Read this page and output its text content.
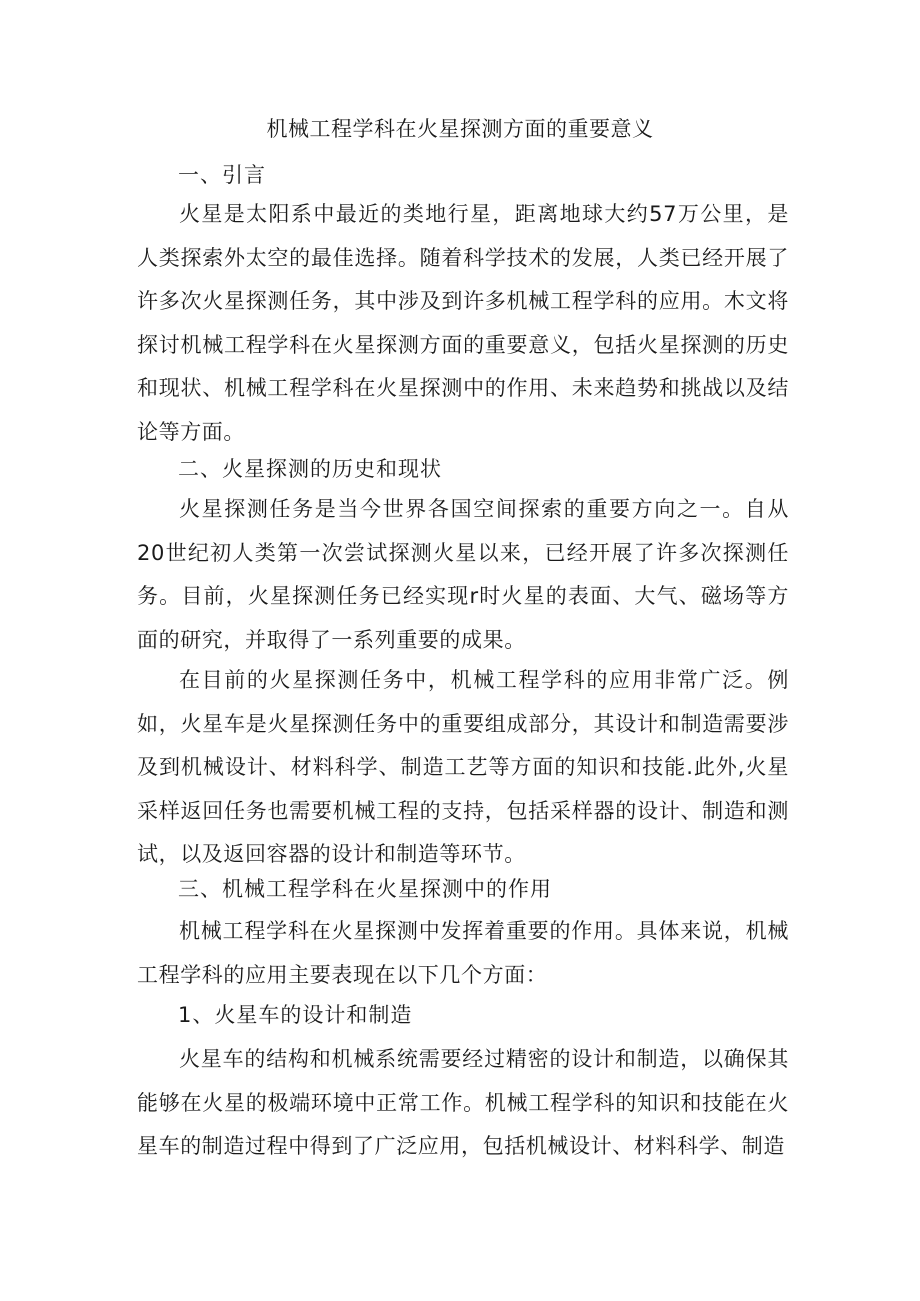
机械工程学科在火星探测方面的重要意义
一、引言

火星是太阳系中最近的类地行星，距离地球大约57万公里，是人类探索外太空的最佳选择。随着科学技术的发展，人类已经开展了许多次火星探测任务，其中涉及到许多机械工程学科的应用。木文将探讨机械工程学科在火星探测方面的重要意义，包括火星探测的历史和现状、机械工程学科在火星探测中的作用、未来趋势和挑战以及结论等方面。

二、火星探测的历史和现状

火星探测任务是当今世界各国空间探索的重要方向之一。自从20世纪初人类第一次尝试探测火星以来，已经开展了许多次探测任务。目前，火星探测任务已经实现r时火星的表面、大气、磁场等方面的研究，并取得了一系列重要的成果。

在目前的火星探测任务中，机械工程学科的应用非常广泛。例如，火星车是火星探测任务中的重要组成部分，其设计和制造需要涉及到机械设计、材料科学、制造工艺等方面的知识和技能.此外,火星采样返回任务也需要机械工程的支持，包括采样器的设计、制造和测试，以及返回容器的设计和制造等环节。

三、机械工程学科在火星探测中的作用

机械工程学科在火星探测中发挥着重要的作用。具体来说，机械工程学科的应用主要表现在以下几个方面：

1、火星车的设计和制造

火星车的结构和机械系统需要经过精密的设计和制造，以确保其能够在火星的极端环境中正常工作。机械工程学科的知识和技能在火星车的制造过程中得到了广泛应用，包括机械设计、材料科学、制造
